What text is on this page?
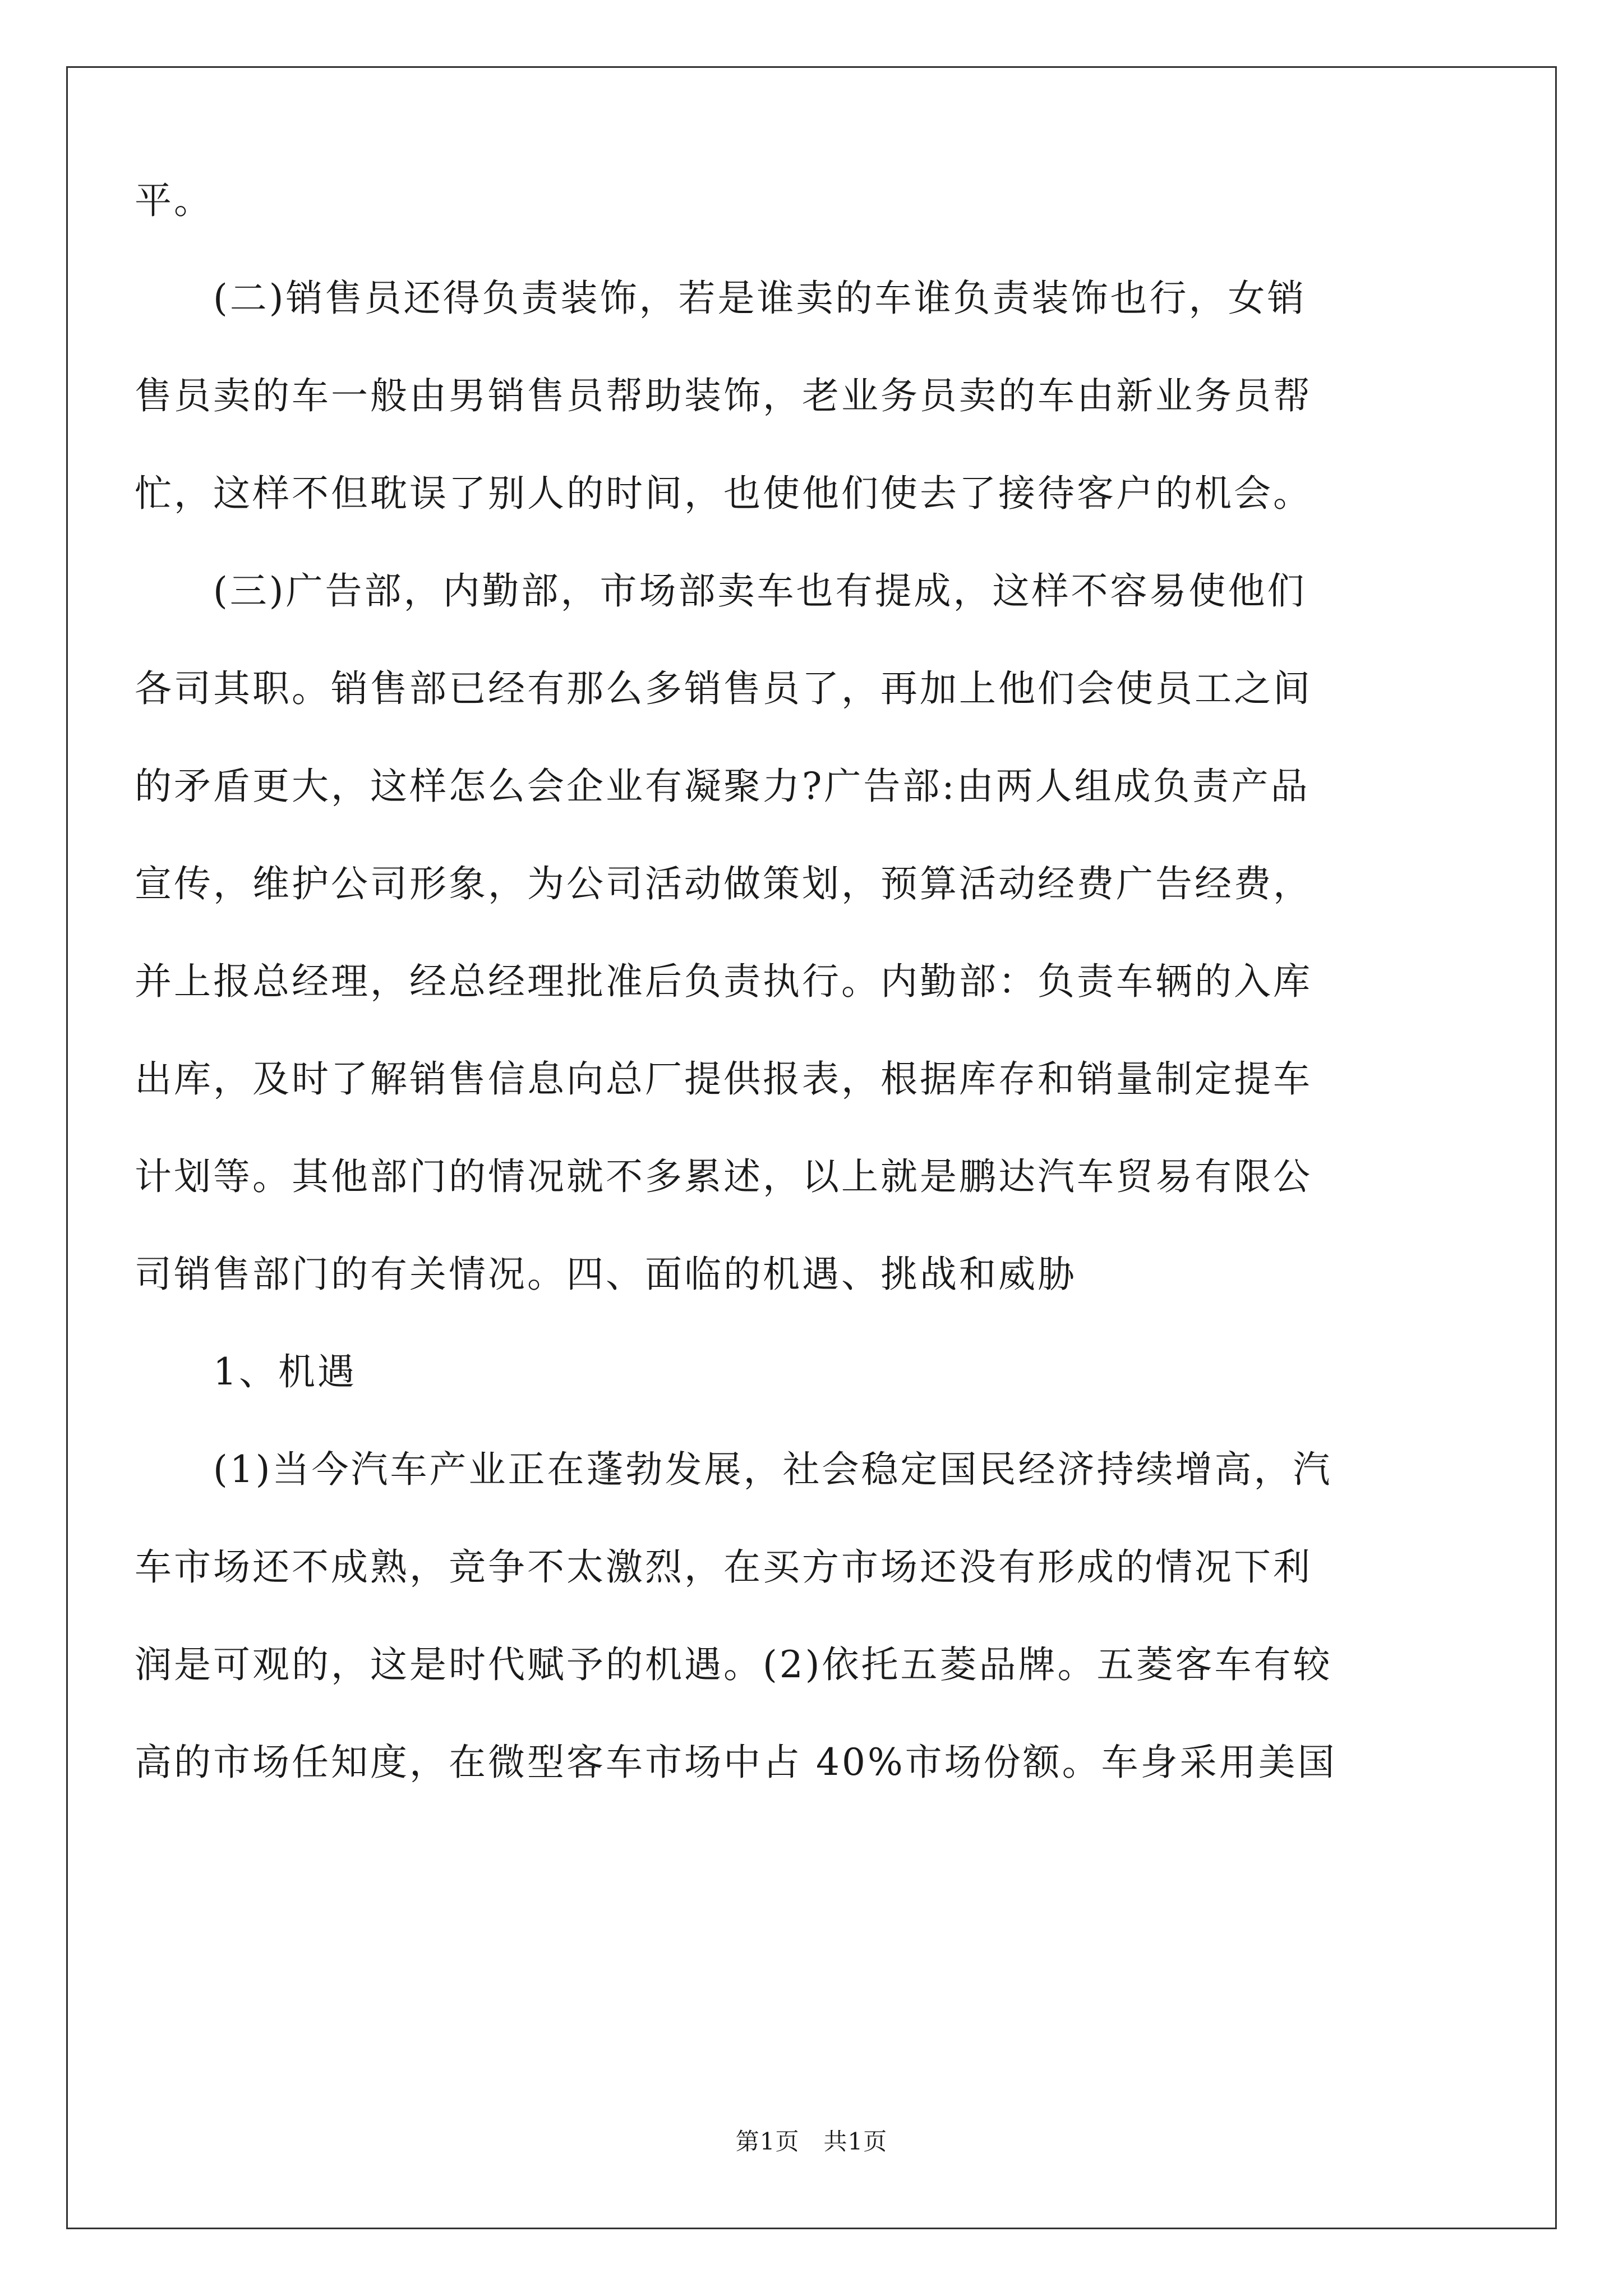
平。
　　(二)销售员还得负责装饰，若是谁卖的车谁负责装饰也行，女销
售员卖的车一般由男销售员帮助装饰，老业务员卖的车由新业务员帮
忙，这样不但耽误了别人的时间，也使他们使去了接待客户的机会。
　　(三)广告部，内勤部，市场部卖车也有提成，这样不容易使他们
各司其职。销售部已经有那么多销售员了，再加上他们会使员工之间
的矛盾更大，这样怎么会企业有凝聚力?广告部:由两人组成负责产品
宣传，维护公司形象，为公司活动做策划，预算活动经费广告经费，
并上报总经理，经总经理批准后负责执行。内勤部：负责车辆的入库
出库，及时了解销售信息向总厂提供报表，根据库存和销量制定提车
计划等。其他部门的情况就不多累述，以上就是鹏达汽车贸易有限公
司销售部门的有关情况。四、面临的机遇、挑战和威胁
　　1、机遇
　　(1)当今汽车产业正在蓬勃发展，社会稳定国民经济持续增高，汽
车市场还不成熟，竞争不太激烈，在买方市场还没有形成的情况下利
润是可观的，这是时代赋予的机遇。(2)依托五菱品牌。五菱客车有较
高的市场任知度，在微型客车市场中占 40%市场份额。车身采用美国
第1页　共1页
